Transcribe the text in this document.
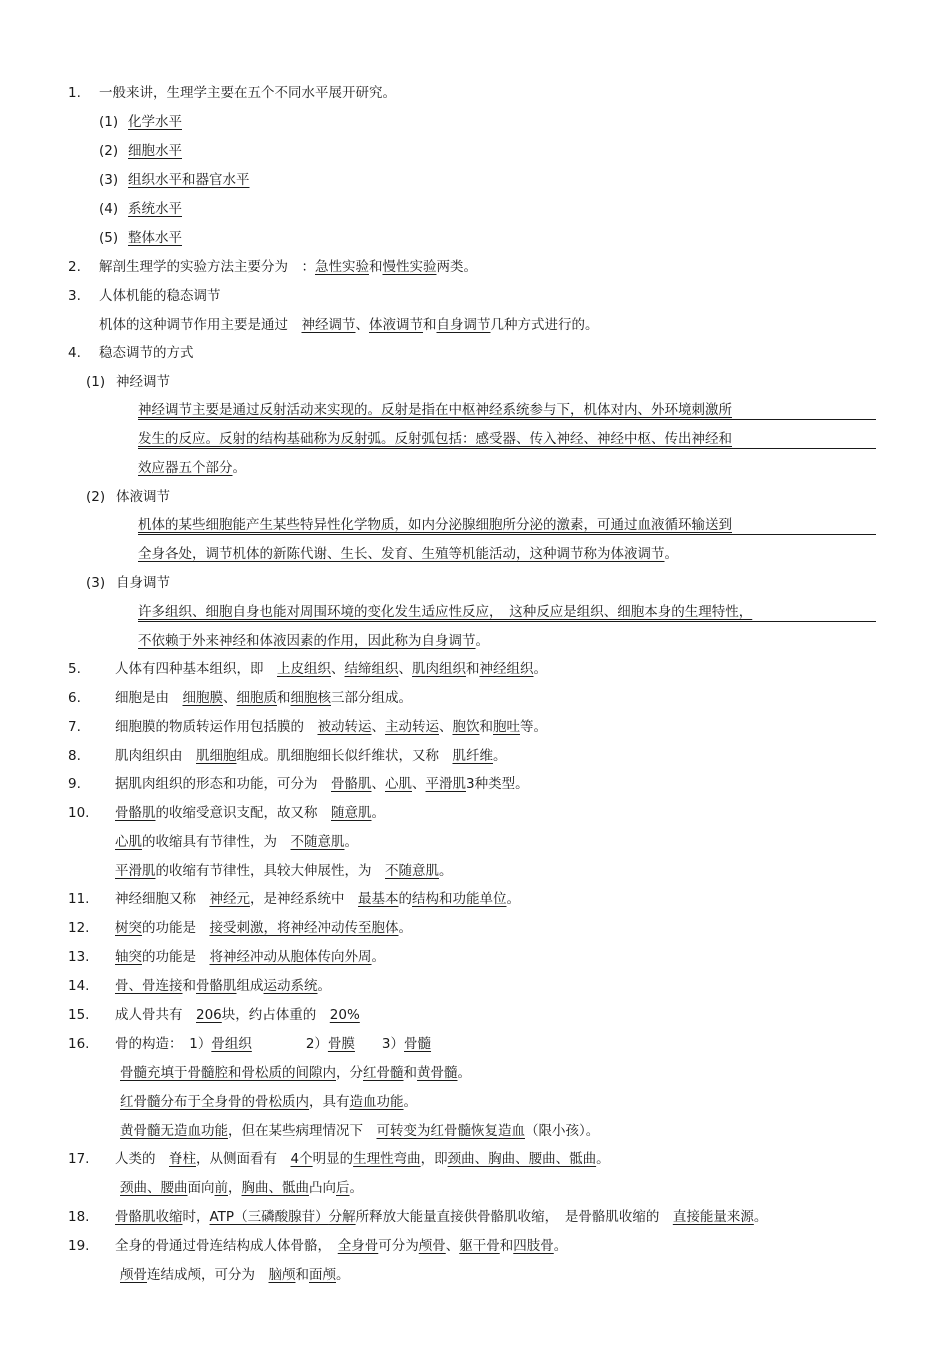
1. 一般来讲，生理学主要在五个不同水平展开研究。
(1) 化学水平
(2) 细胞水平
(3) 组织水平和器官水平
(4) 系统水平
(5) 整体水平
2. 解剖生理学的实验方法主要分为　：急性实验和慢性实验两类。
3. 人体机能的稳态调节
机体的这种调节作用主要是通过　神经调节、体液调节和自身调节几种方式进行的。
4. 稳态调节的方式
(1) 神经调节
神经调节主要是通过反射活动来实现的。反射是指在中枢神经系统参与下，机体对内、外环境刺激所
发生的反应。反射的结构基础称为反射弧。反射弧包括：感受器、传入神经、神经中枢、传出神经和
效应器五个部分。
(2) 体液调节
机体的某些细胞能产生某些特异性化学物质，如内分泌腺细胞所分泌的激素，可通过血液循环输送到
全身各处，调节机体的新陈代谢、生长、发育、生殖等机能活动，这种调节称为体液调节。
(3) 自身调节
许多组织、细胞自身也能对周围环境的变化发生适应性反应，　这种反应是组织、细胞本身的生理特性，
不依赖于外来神经和体液因素的作用，因此称为自身调节。
5.	人体有四种基本组织，即　上皮组织、结缔组织、肌肉组织和神经组织。
6.	细胞是由　细胞膜、细胞质和细胞核三部分组成。
7.	细胞膜的物质转运作用包括膜的　被动转运、主动转运、胞饮和胞吐等。
8.	肌肉组织由　肌细胞组成。肌细胞细长似纤维状，又称　肌纤维。
9.	据肌肉组织的形态和功能，可分为　骨骼肌、心肌、平滑肌3种类型。
10. 骨骼肌的收缩受意识支配，故又称　随意肌。
心肌的收缩具有节律性，为　不随意肌。
平滑肌的收缩有节律性，具较大伸展性，为　不随意肌。
11. 神经细胞又称　神经元，是神经系统中　最基本的结构和功能单位。
12. 树突的功能是　接受刺激，将神经冲动传至胞体。
13. 轴突的功能是　将神经冲动从胞体传向外周。
14. 骨、骨连接和骨骼肌组成运动系统。
15. 成人骨共有　206块，约占体重的　20%
16. 骨的构造：　1）骨组织　　　　2）骨膜　　3）骨髓
骨髓充填于骨髓腔和骨松质的间隙内，分红骨髓和黄骨髓。
红骨髓分布于全身骨的骨松质内，具有造血功能。
黄骨髓无造血功能，但在某些病理情况下　可转变为红骨髓恢复造血（限小孩）。
17. 人类的　脊柱，从侧面看有　4个明显的生理性弯曲，即颈曲、胸曲、腰曲、骶曲。
颈曲、腰曲面向前，胸曲、骶曲凸向后。
18. 骨骼肌收缩时，ATP（三磷酸腺苷）分解所释放大能量直接供骨骼肌收缩，　是骨骼肌收缩的　直接能量来源。
19. 全身的骨通过骨连结构成人体骨骼，　全身骨可分为颅骨、躯干骨和四肢骨。
颅骨连结成颅，可分为　脑颅和面颅。
